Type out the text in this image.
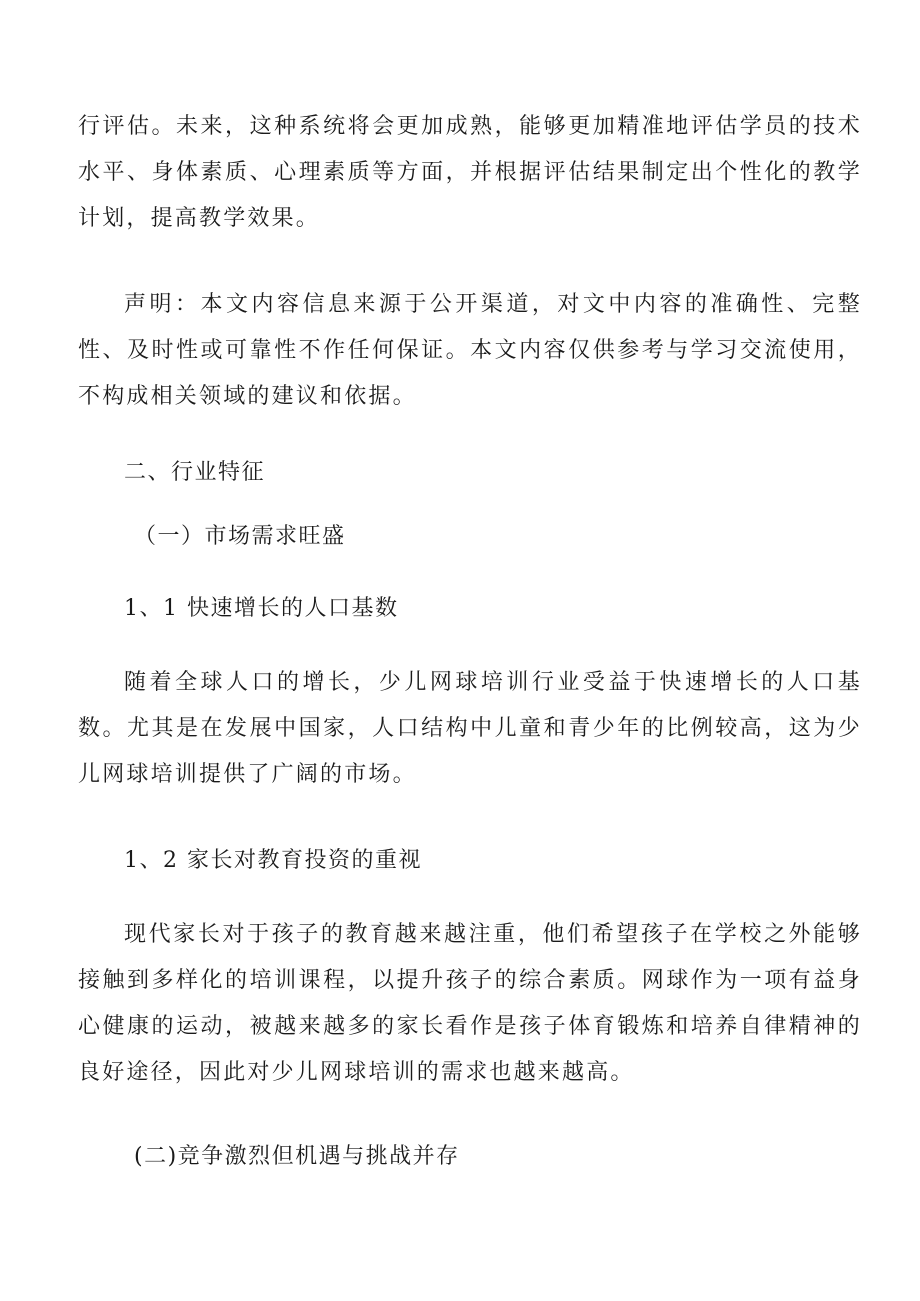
行评估。未来，这种系统将会更加成熟，能够更加精准地评估学员的技术水平、身体素质、心理素质等方面，并根据评估结果制定出个性化的教学计划，提高教学效果。

声明：本文内容信息来源于公开渠道，对文中内容的准确性、完整性、及时性或可靠性不作任何保证。本文内容仅供参考与学习交流使用，不构成相关领域的建议和依据。

二、行业特征

（一）市场需求旺盛

1、1 快速增长的人口基数

随着全球人口的增长，少儿网球培训行业受益于快速增长的人口基数。尤其是在发展中国家，人口结构中儿童和青少年的比例较高，这为少儿网球培训提供了广阔的市场。

1、2 家长对教育投资的重视

现代家长对于孩子的教育越来越注重，他们希望孩子在学校之外能够接触到多样化的培训课程，以提升孩子的综合素质。网球作为一项有益身心健康的运动，被越来越多的家长看作是孩子体育锻炼和培养自律精神的良好途径，因此对少儿网球培训的需求也越来越高。

(二)竞争激烈但机遇与挑战并存
